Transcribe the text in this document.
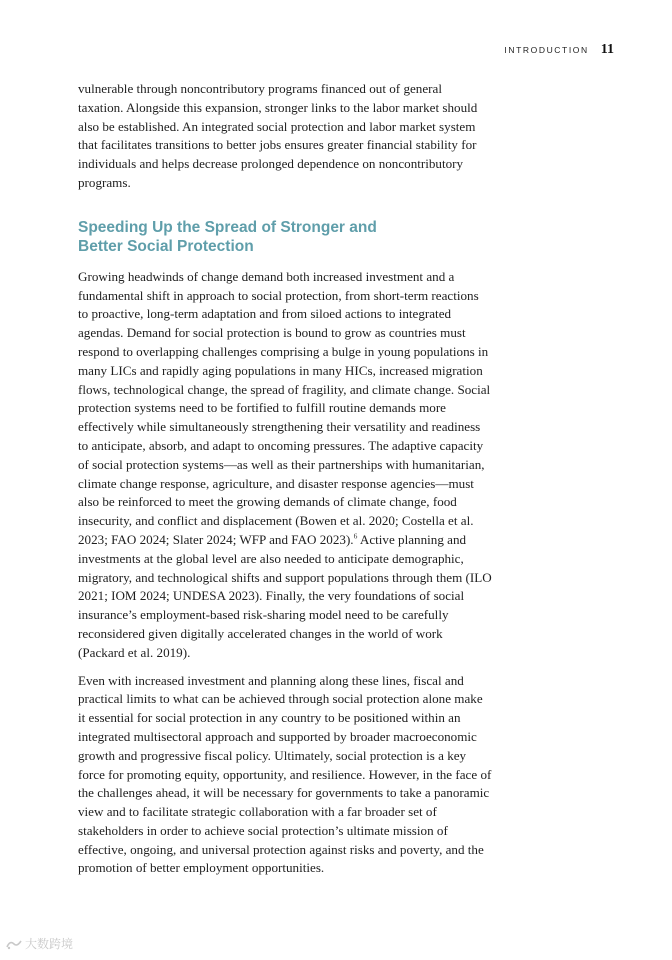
INTRODUCTION 11

vulnerable through noncontributory programs financed out of general taxation. Alongside this expansion, stronger links to the labor market should also be established. An integrated social protection and labor market system that facilitates transitions to better jobs ensures greater financial stability for individuals and helps decrease prolonged dependence on noncontributory programs.

Speeding Up the Spread of Stronger and Better Social Protection

Growing headwinds of change demand both increased investment and a fundamental shift in approach to social protection, from short-term reactions to proactive, long-term adaptation and from siloed actions to integrated agendas. Demand for social protection is bound to grow as countries must respond to overlapping challenges comprising a bulge in young populations in many LICs and rapidly aging populations in many HICs, increased migration flows, technological change, the spread of fragility, and climate change. Social protection systems need to be fortified to fulfill routine demands more effectively while simultaneously strengthening their versatility and readiness to anticipate, absorb, and adapt to oncoming pressures. The adaptive capacity of social protection systems—as well as their partnerships with humanitarian, climate change response, agriculture, and disaster response agencies—must also be reinforced to meet the growing demands of climate change, food insecurity, and conflict and displacement (Bowen et al. 2020; Costella et al. 2023; FAO 2024; Slater 2024; WFP and FAO 2023).$^6$ Active planning and investments at the global level are also needed to anticipate demographic, migratory, and technological shifts and support populations through them (ILO 2021; IOM 2024; UNDESA 2023). Finally, the very foundations of social insurance’s employment-based risk-sharing model need to be carefully reconsidered given digitally accelerated changes in the world of work (Packard et al. 2019).

Even with increased investment and planning along these lines, fiscal and practical limits to what can be achieved through social protection alone make it essential for social protection in any country to be positioned within an integrated multisectoral approach and supported by broader macroeconomic growth and progressive fiscal policy. Ultimately, social protection is a key force for promoting equity, opportunity, and resilience. However, in the face of the challenges ahead, it will be necessary for governments to take a panoramic view and to facilitate strategic collaboration with a far broader set of stakeholders in order to achieve social protection’s ultimate mission of effective, ongoing, and universal protection against risks and poverty, and the promotion of better employment opportunities.

大数跨境
